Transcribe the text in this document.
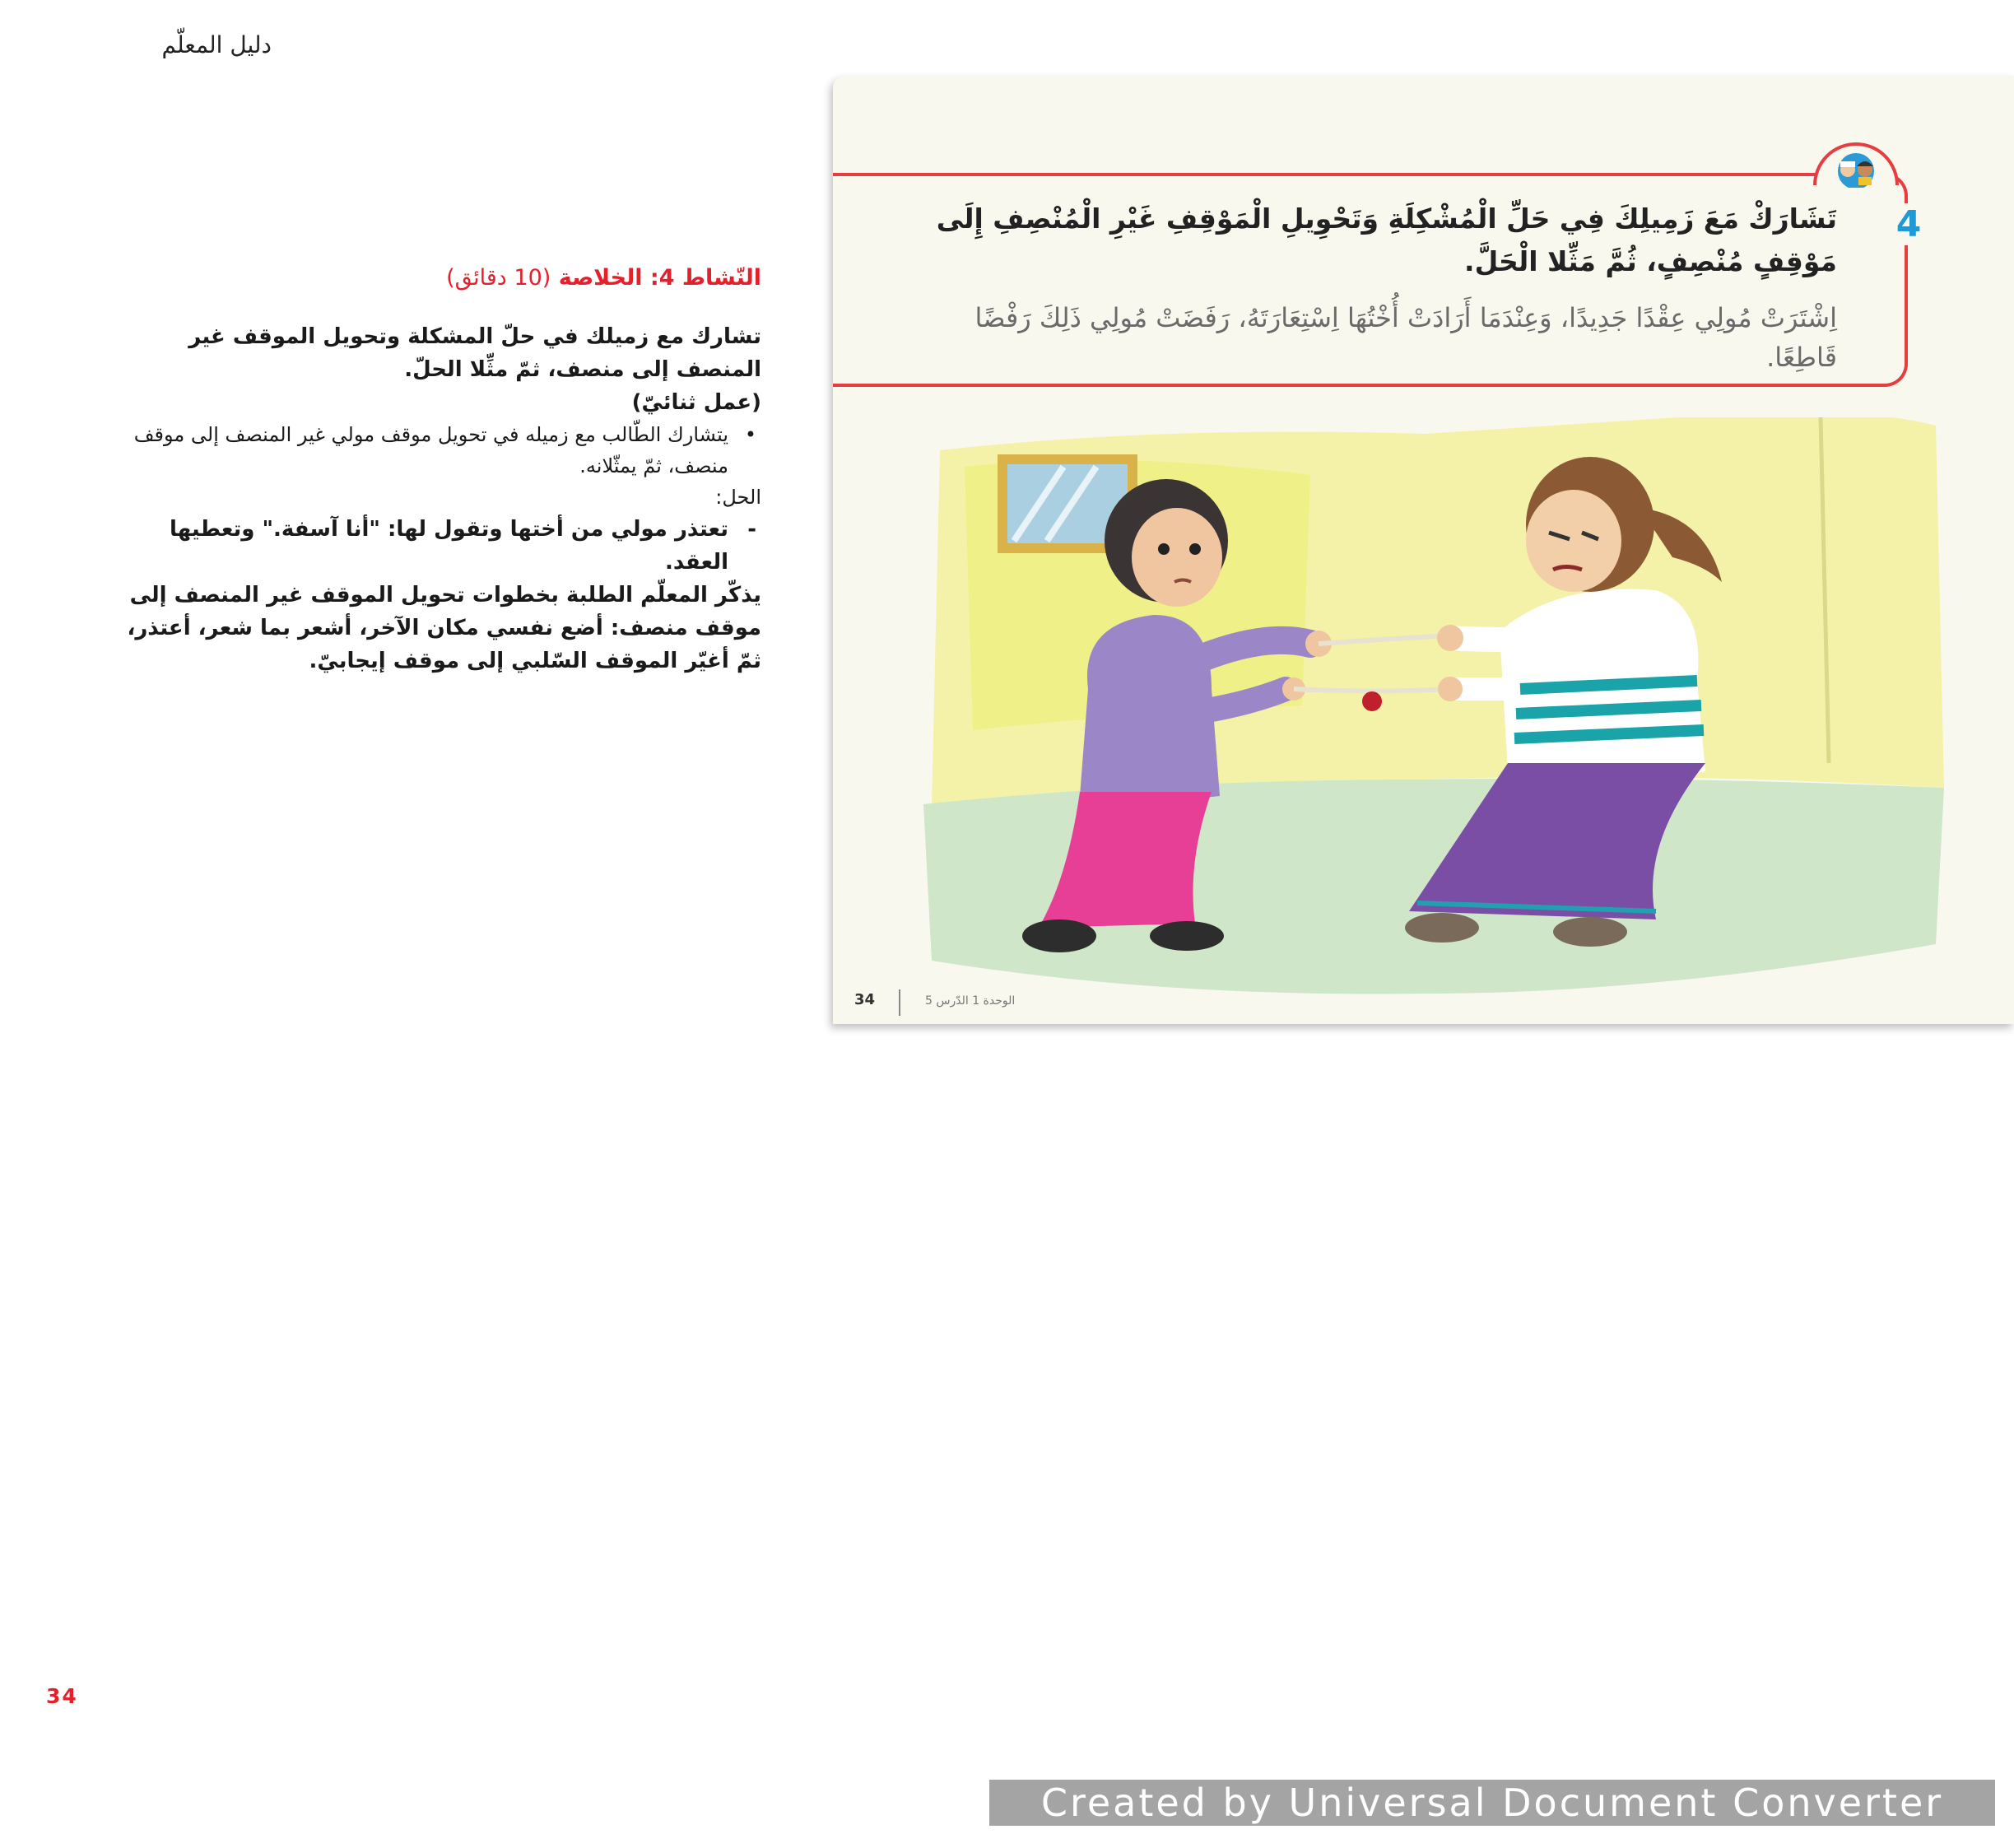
دليل المعلّم
النّشاط 4: الخلاصة (10 دقائق)
تشارك مع زميلك في حلّ المشكلة وتحويل الموقف غير المنصف إلى منصف، ثمّ مثِّلا الحلّ.
(عمل ثنائيّ)
•
يتشارك الطّالب مع زميله في تحويل موقف مولي غير المنصف إلى موقف منصف، ثمّ يمثّلانه.
الحل:
-
تعتذر مولي من أختها وتقول لها: "أنا آسفة." وتعطيها العقد.
يذكّر المعلّم الطلبة بخطوات تحويل الموقف غير المنصف إلى موقف منصف: أضع نفسي مكان الآخر، أشعر بما شعر، أعتذر، ثمّ أغيّر الموقف السّلبي إلى موقف إيجابيّ.
4
تَشَارَكْ مَعَ زَمِيلِكَ فِي حَلِّ الْمُشْكِلَةِ وَتَحْوِيلِ الْمَوْقِفِ غَيْرِ الْمُنْصِفِ إِلَى مَوْقِفٍ مُنْصِفٍ، ثُمَّ مَثِّلا الْحَلَّ.
اِشْتَرَتْ مُولِي عِقْدًا جَدِيدًا، وَعِنْدَمَا أَرَادَتْ أُخْتُهَا اِسْتِعَارَتَهُ، رَفَضَتْ مُولِي ذَلِكَ رَفْضًا قَاطِعًا.
34	الوحدة 1 الدّرس 5
34
Created by Universal Document Converter
